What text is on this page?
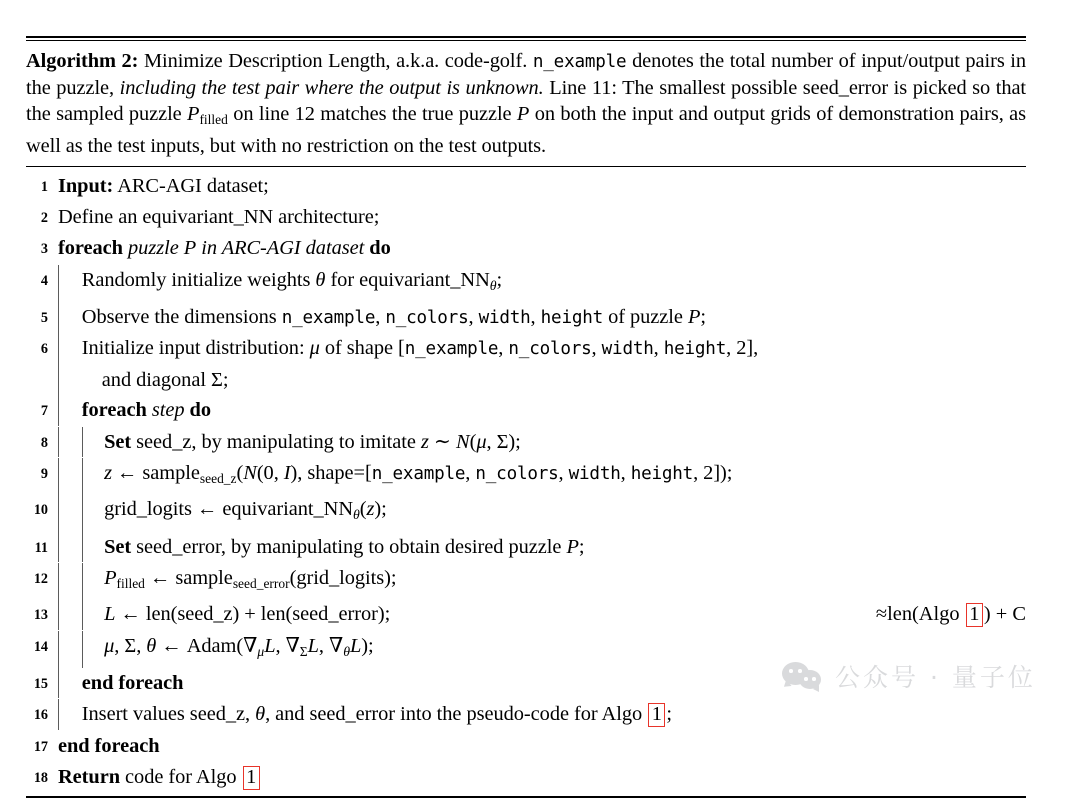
Algorithm 2: Minimize Description Length, a.k.a. code-golf. n_example denotes the total number of input/output pairs in the puzzle, including the test pair where the output is unknown. Line 11: The smallest possible seed_error is picked so that the sampled puzzle $P_{filled}$ on line 12 matches the true puzzle P on both the input and output grids of demonstration pairs, as well as the test inputs, but with no restriction on the test outputs.
1 Input: ARC-AGI dataset;
2 Define an equivariant_NN architecture;
3 foreach puzzle P in ARC-AGI dataset do
4 Randomly initialize weights θ for equivariant_NNθ;
5 Observe the dimensions n_example, n_colors, width, height of puzzle P;
6 Initialize input distribution: μ of shape [n_example, n_colors, width, height, 2],
and diagonal Σ;
7 foreach step do
8	Set seed_z, by manipulating to imitate z ∼ N(μ, Σ);
9	z ← sample$_{seed\_z}$(N(0, I), shape=[n_example, n_colors, width, height, 2]);
10	grid_logits ← equivariant_NNθ(z);
11	Set seed_error, by manipulating to obtain desired puzzle P;
12	$P_{filled}$ ← sample$_{seed\_error}$(grid_logits);
13	L ← len(seed_z) + len(seed_error);	≈len(Algo 1 ) + C
14	μ, Σ, θ ← Adam(∇μL, $\nabla_\Sigma L$, ∇θL);
15 end foreach
16 Insert values seed_z, θ, and seed_error into the pseudo-code for Algo 1 ;
17 end foreach
18 Return code for Algo 1
公众号 · 量子位
